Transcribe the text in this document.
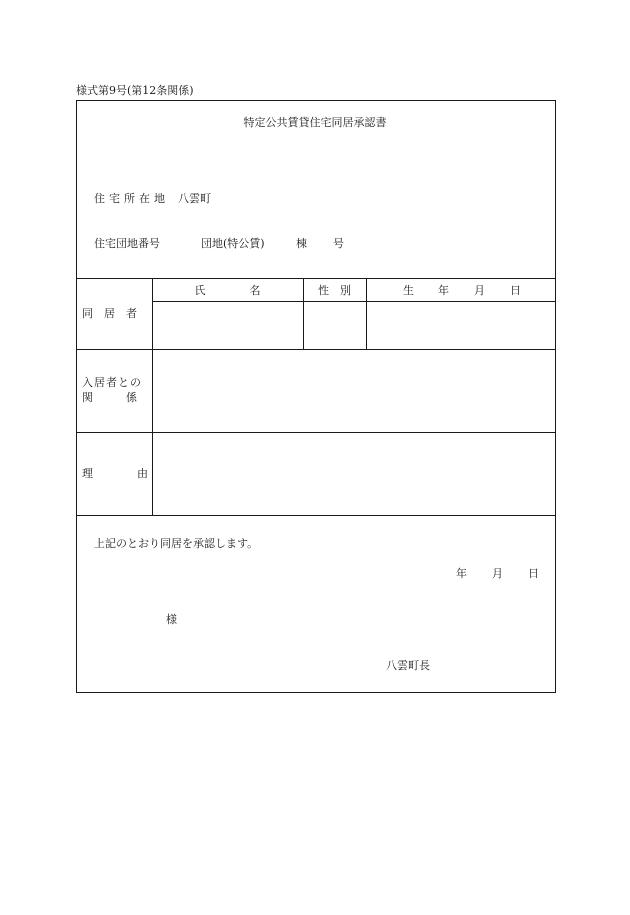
様式第9号(第12条関係)
特定公共賃貸住宅同居承認書
住宅所在地 八雲町
住宅団地番号	団地(特公賃)	棟 号
氏　　　　名	性　別	生 年 月 日
同　居　者
入居者との
関　　　係
理　　　　由
上記のとおり同居を承認します。
年 月 日
様
八雲町長
